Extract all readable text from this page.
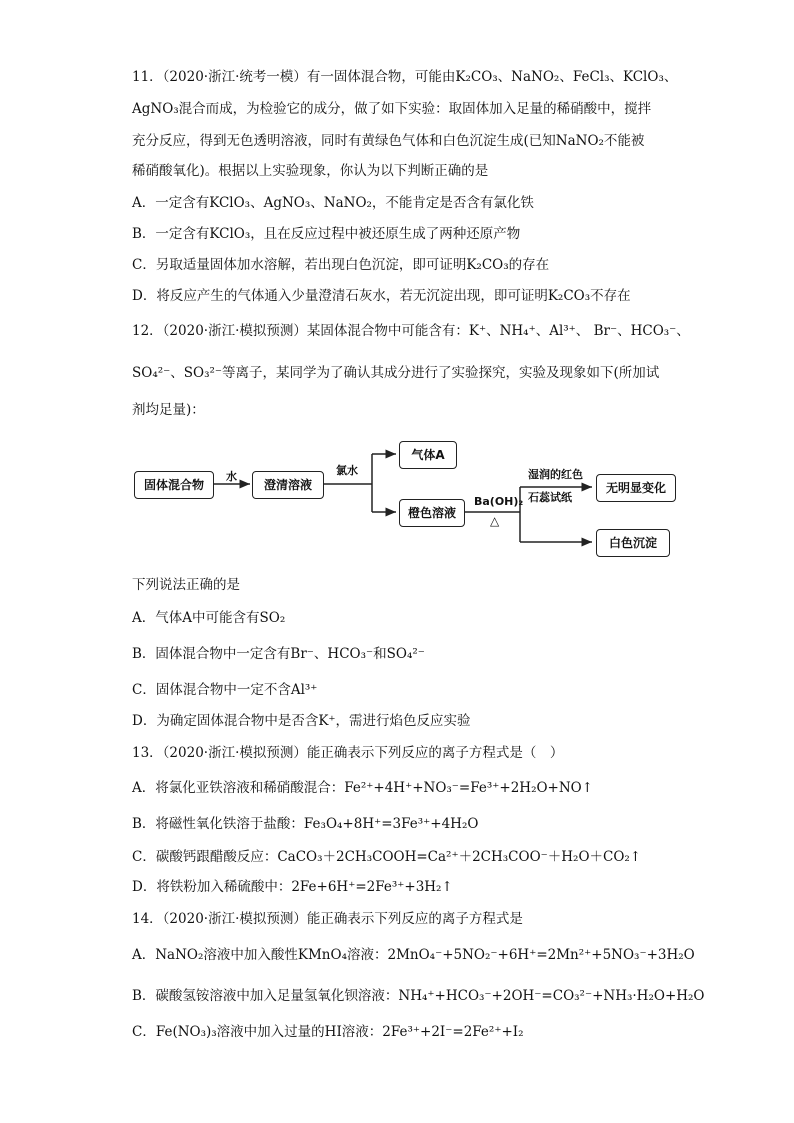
11．（2020·浙江·统考一模）有一固体混合物，可能由K₂CO₃、NaNO₂、FeCl₃、KClO₃、
AgNO₃混合而成，为检验它的成分，做了如下实验：取固体加入足量的稀硝酸中，搅拌
充分反应，得到无色透明溶液，同时有黄绿色气体和白色沉淀生成(已知NaNO₂不能被
稀硝酸氧化)。根据以上实验现象，你认为以下判断正确的是
A．一定含有KClO₃、AgNO₃、NaNO₂，不能肯定是否含有氯化铁
B．一定含有KClO₃，且在反应过程中被还原生成了两种还原产物
C．另取适量固体加水溶解，若出现白色沉淀，即可证明K₂CO₃的存在
D．将反应产生的气体通入少量澄清石灰水，若无沉淀出现，即可证明K₂CO₃不存在
12．（2020·浙江·模拟预测）某固体混合物中可能含有：K⁺、NH₄⁺、Al³⁺、 Br⁻、HCO₃⁻、
SO₄²⁻、SO₃²⁻等离子，某同学为了确认其成分进行了实验探究，实验及现象如下(所加试
剂均足量)：
固体混合物
水
澄清溶液
氯水
气体A
橙色溶液
Ba(OH)₂
△
湿润的红色
石蕊试纸
无明显变化
白色沉淀
下列说法正确的是
A．气体A中可能含有SO₂
B．固体混合物中一定含有Br⁻、HCO₃⁻和SO₄²⁻
C．固体混合物中一定不含Al³⁺
D．为确定固体混合物中是否含K⁺，需进行焰色反应实验
13．（2020·浙江·模拟预测）能正确表示下列反应的离子方程式是（　）
A．将氯化亚铁溶液和稀硝酸混合：Fe²⁺+4H⁺+NO₃⁻=Fe³⁺+2H₂O+NO↑
B．将磁性氧化铁溶于盐酸：Fe₃O₄+8H⁺=3Fe³⁺+4H₂O
C．碳酸钙跟醋酸反应：CaCO₃＋2CH₃COOH=Ca²⁺＋2CH₃COO⁻＋H₂O＋CO₂↑
D．将铁粉加入稀硫酸中：2Fe+6H⁺=2Fe³⁺+3H₂↑
14．（2020·浙江·模拟预测）能正确表示下列反应的离子方程式是
A．NaNO₂溶液中加入酸性KMnO₄溶液：2MnO₄⁻+5NO₂⁻+6H⁺=2Mn²⁺+5NO₃⁻+3H₂O
B．碳酸氢铵溶液中加入足量氢氧化钡溶液：NH₄⁺+HCO₃⁻+2OH⁻=CO₃²⁻+NH₃·H₂O+H₂O
C．Fe(NO₃)₃溶液中加入过量的HI溶液：2Fe³⁺+2I⁻=2Fe²⁺+I₂
